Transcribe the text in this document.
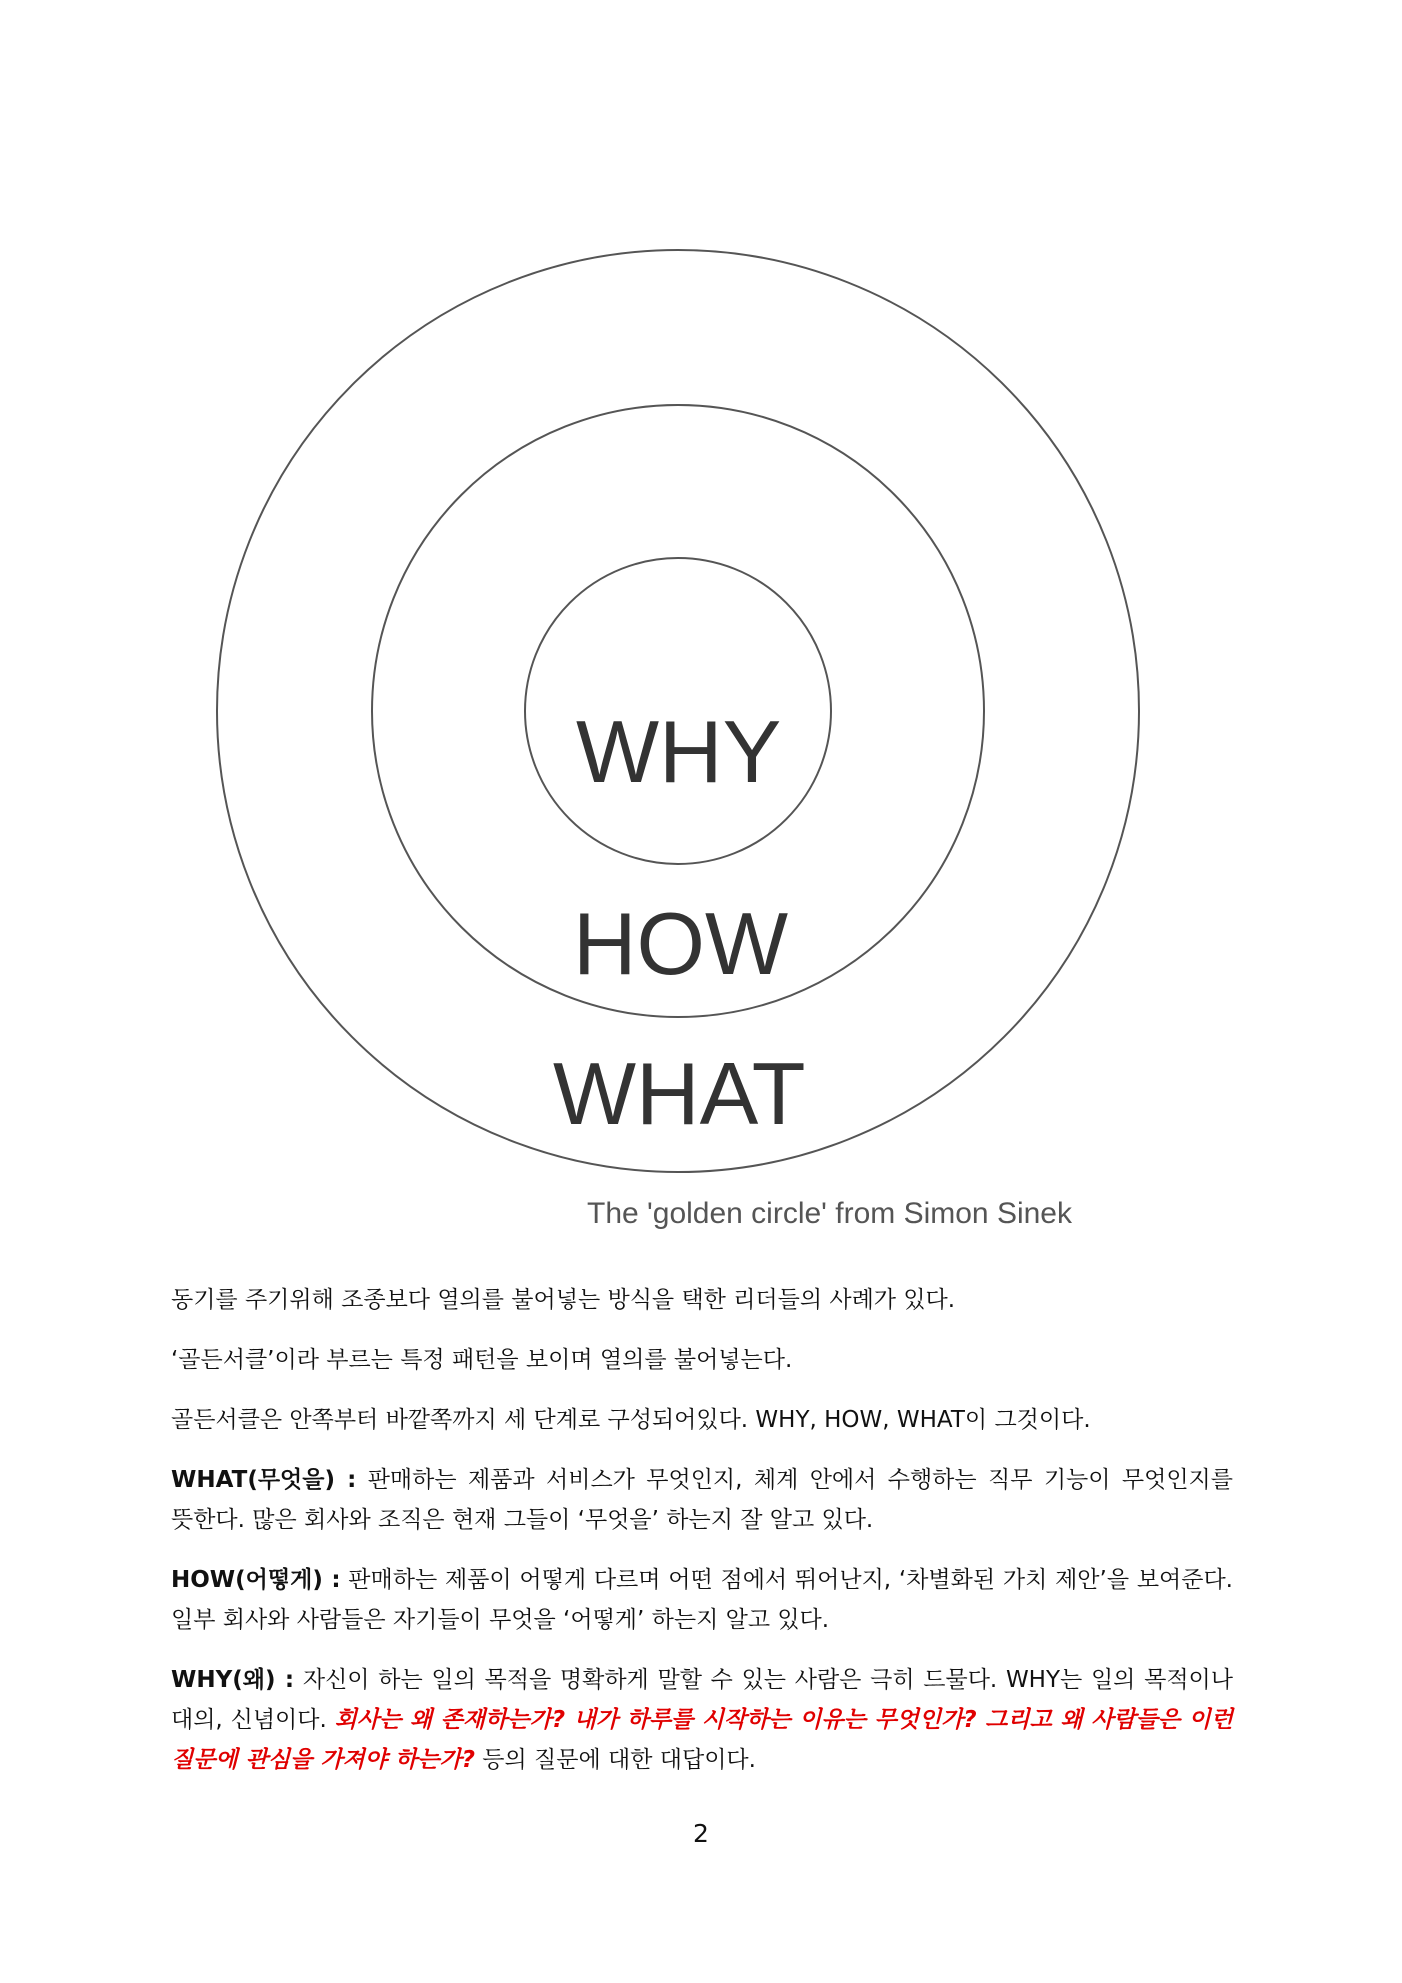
WHY
HOW
WHAT
The 'golden circle' from Simon Sinek

동기를 주기위해 조종보다 열의를 불어넣는 방식을 택한 리더들의 사례가 있다.

‘골든서클’이라 부르는 특정 패턴을 보이며 열의를 불어넣는다.

골든서클은 안쪽부터 바깥쪽까지 세 단계로 구성되어있다. WHY, HOW, WHAT이 그것이다.

WHAT(무엇을) : 판매하는 제품과 서비스가 무엇인지, 체계 안에서 수행하는 직무 기능이 무엇인지를 뜻한다. 많은 회사와 조직은 현재 그들이 ‘무엇을’ 하는지 잘 알고 있다.

HOW(어떻게) : 판매하는 제품이 어떻게 다르며 어떤 점에서 뛰어난지, ‘차별화된 가치 제안’을 보여준다. 일부 회사와 사람들은 자기들이 무엇을 ‘어떻게’ 하는지 알고 있다.

WHY(왜) : 자신이 하는 일의 목적을 명확하게 말할 수 있는 사람은 극히 드물다. WHY는 일의 목적이나 대의, 신념이다. 회사는 왜 존재하는가? 내가 하루를 시작하는 이유는 무엇인가? 그리고 왜 사람들은 이런 질문에 관심을 가져야 하는가? 등의 질문에 대한 대답이다.

2
